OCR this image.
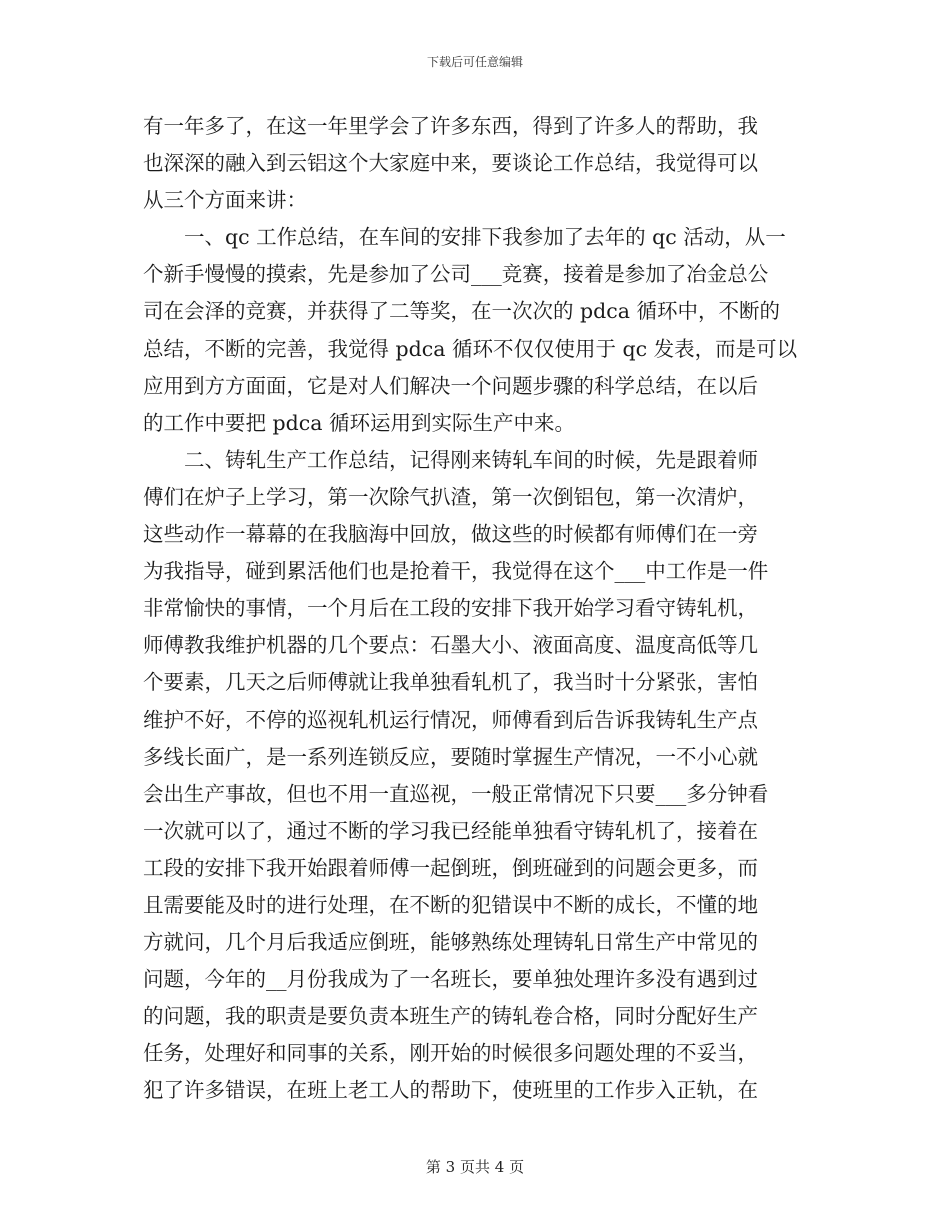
下载后可任意编辑
有一年多了，在这一年里学会了许多东西，得到了许多人的帮助，我
也深深的融入到云铝这个大家庭中来，要谈论工作总结，我觉得可以
从三个方面来讲：
　　一、qc 工作总结，在车间的安排下我参加了去年的 qc 活动，从一
个新手慢慢的摸索，先是参加了公司___竞赛，接着是参加了冶金总公
司在会泽的竞赛，并获得了二等奖，在一次次的 pdca 循环中，不断的
总结，不断的完善，我觉得 pdca 循环不仅仅使用于 qc 发表，而是可以
应用到方方面面，它是对人们解决一个问题步骤的科学总结，在以后
的工作中要把 pdca 循环运用到实际生产中来。
　　二、铸轧生产工作总结，记得刚来铸轧车间的时候，先是跟着师
傅们在炉子上学习，第一次除气扒渣，第一次倒铝包，第一次清炉，
这些动作一幕幕的在我脑海中回放，做这些的时候都有师傅们在一旁
为我指导，碰到累活他们也是抢着干，我觉得在这个___中工作是一件
非常愉快的事情，一个月后在工段的安排下我开始学习看守铸轧机，
师傅教我维护机器的几个要点：石墨大小、液面高度、温度高低等几
个要素，几天之后师傅就让我单独看轧机了，我当时十分紧张，害怕
维护不好，不停的巡视轧机运行情况，师傅看到后告诉我铸轧生产点
多线长面广，是一系列连锁反应，要随时掌握生产情况，一不小心就
会出生产事故，但也不用一直巡视，一般正常情况下只要___多分钟看
一次就可以了，通过不断的学习我已经能单独看守铸轧机了，接着在
工段的安排下我开始跟着师傅一起倒班，倒班碰到的问题会更多，而
且需要能及时的进行处理，在不断的犯错误中不断的成长，不懂的地
方就问，几个月后我适应倒班，能够熟练处理铸轧日常生产中常见的
问题，今年的__月份我成为了一名班长，要单独处理许多没有遇到过
的问题，我的职责是要负责本班生产的铸轧卷合格，同时分配好生产
任务，处理好和同事的关系，刚开始的时候很多问题处理的不妥当，
犯了许多错误，在班上老工人的帮助下，使班里的工作步入正轨，在
第 3 页共 4 页
